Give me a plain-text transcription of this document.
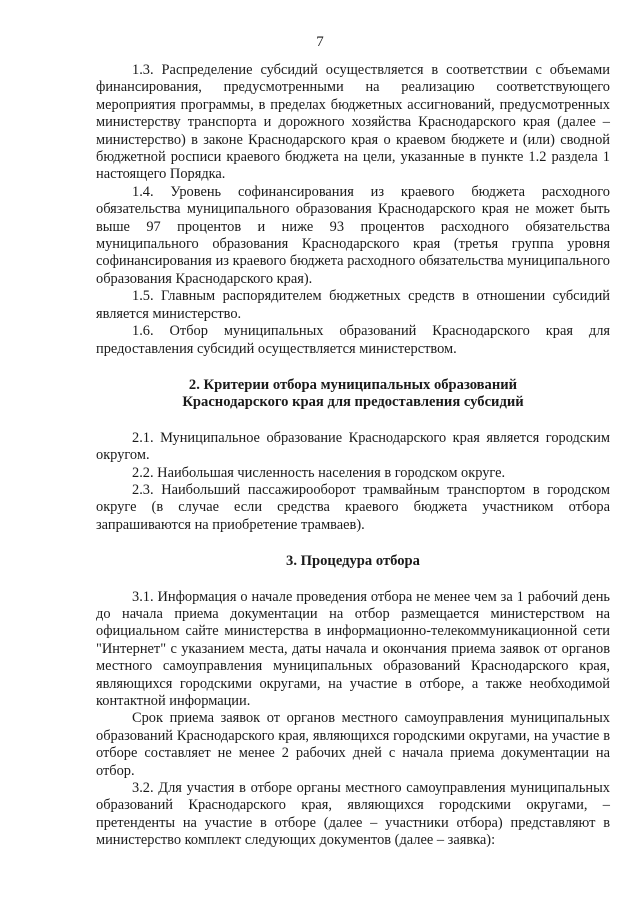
7

1.3. Распределение субсидий осуществляется в соответствии с объемами финансирования, предусмотренными на реализацию соответствующего мероприятия программы, в пределах бюджетных ассигнований, предусмотренных министерству транспорта и дорожного хозяйства Краснодарского края (далее – министерство) в законе Краснодарского края о краевом бюджете и (или) сводной бюджетной росписи краевого бюджета на цели, указанные в пункте 1.2 раздела 1 настоящего Порядка.

1.4. Уровень софинансирования из краевого бюджета расходного обязательства муниципального образования Краснодарского края не может быть выше 97 процентов и ниже 93 процентов расходного обязательства муниципального образования Краснодарского края (третья группа уровня софинансирования из краевого бюджета расходного обязательства муниципального образования Краснодарского края).

1.5. Главным распорядителем бюджетных средств в отношении субсидий является министерство.

1.6. Отбор муниципальных образований Краснодарского края для предоставления субсидий осуществляется министерством.

2. Критерии отбора муниципальных образований

Краснодарского края для предоставления субсидий

2.1. Муниципальное образование Краснодарского края является городским округом.

2.2. Наибольшая численность населения в городском округе.

2.3. Наибольший пассажирооборот трамвайным транспортом в городском округе (в случае если средства краевого бюджета участником отбора запрашиваются на приобретение трамваев).

3. Процедура отбора

3.1. Информация о начале проведения отбора не менее чем за 1 рабочий день до начала приема документации на отбор размещается министерством на официальном сайте министерства в информационно-телекоммуникационной сети "Интернет" с указанием места, даты начала и окончания приема заявок от органов местного самоуправления муниципальных образований Краснодарского края, являющихся городскими округами, на участие в отборе, а также необходимой контактной информации.

Срок приема заявок от органов местного самоуправления муниципальных образований Краснодарского края, являющихся городскими округами, на участие в отборе составляет не менее 2 рабочих дней с начала приема документации на отбор.

3.2. Для участия в отборе органы местного самоуправления муниципальных образований Краснодарского края, являющихся городскими округами, – претенденты на участие в отборе (далее – участники отбора) представляют в министерство комплект следующих документов (далее – заявка):
